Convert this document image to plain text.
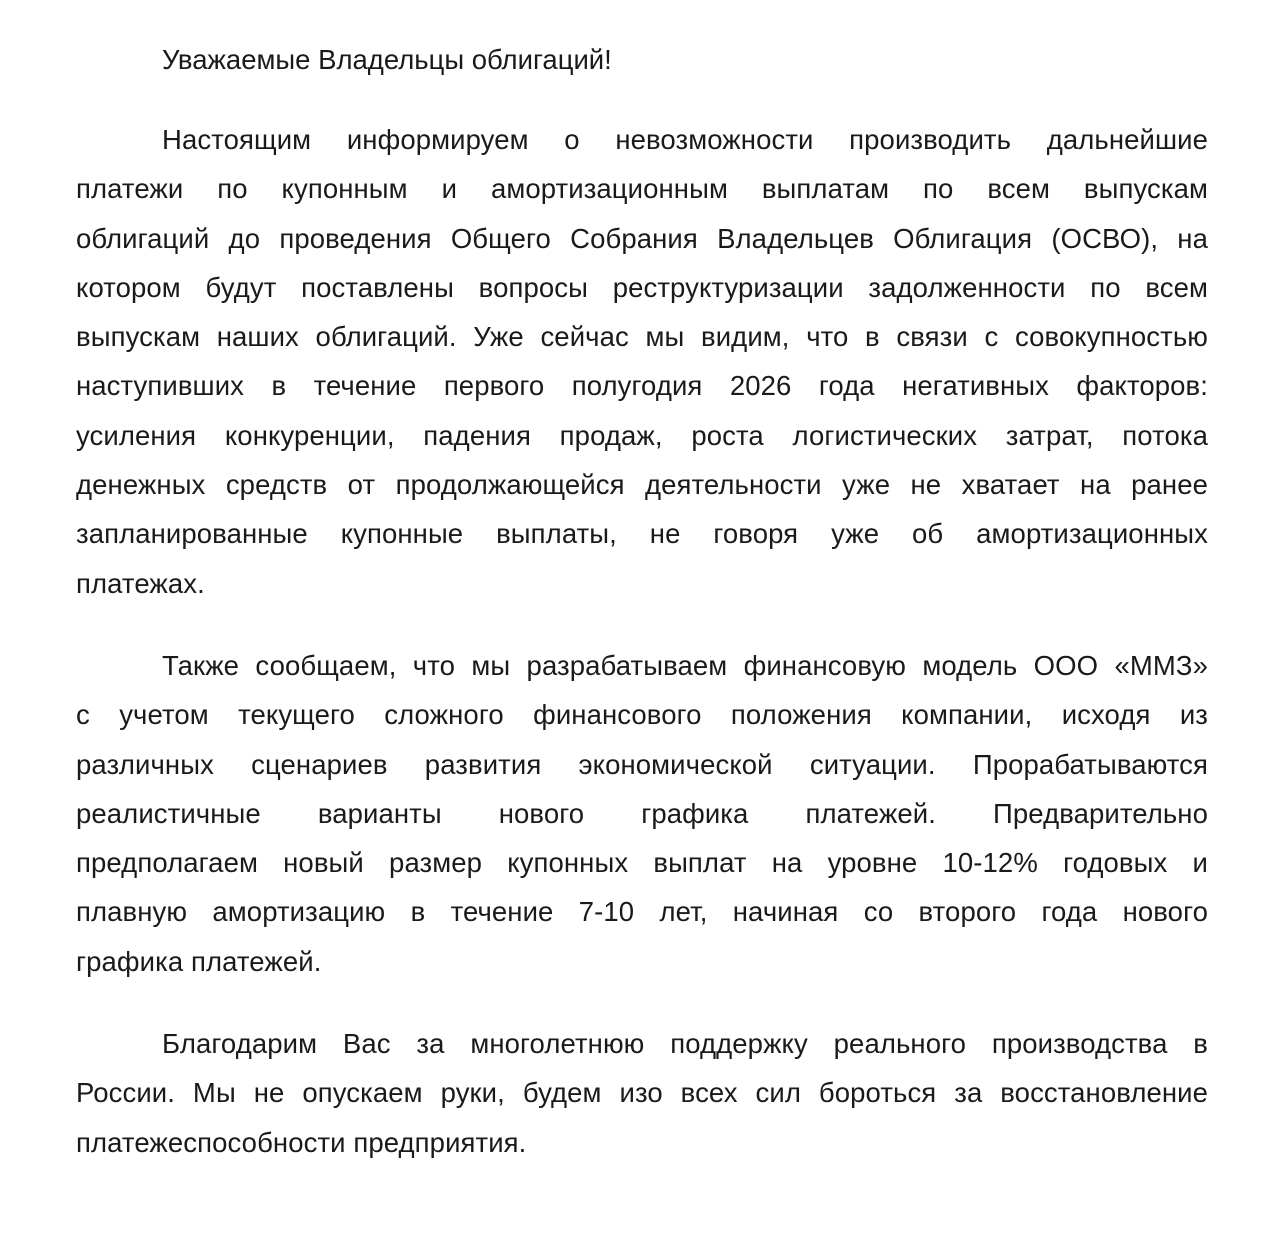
Уважаемые Владельцы облигаций!
Настоящим информируем о невозможности производить дальнейшие
платежи по купонным и амортизационным выплатам по всем выпускам
облигаций до проведения Общего Собрания Владельцев Облигация (ОСВО), на
котором будут поставлены вопросы реструктуризации задолженности по всем
выпускам наших облигаций. Уже сейчас мы видим, что в связи с совокупностью
наступивших в течение первого полугодия 2026 года негативных факторов:
усиления конкуренции, падения продаж, роста логистических затрат, потока
денежных средств от продолжающейся деятельности уже не хватает на ранее
запланированные купонные выплаты, не говоря уже об амортизационных
платежах.
Также сообщаем, что мы разрабатываем финансовую модель ООО «ММЗ»
с учетом текущего сложного финансового положения компании, исходя из
различных сценариев развития экономической ситуации. Прорабатываются
реалистичные варианты нового графика платежей. Предварительно
предполагаем новый размер купонных выплат на уровне 10-12% годовых и
плавную амортизацию в течение 7-10 лет, начиная со второго года нового
графика платежей.
Благодарим Вас за многолетнюю поддержку реального производства в
России. Мы не опускаем руки, будем изо всех сил бороться за восстановление
платежеспособности предприятия.
